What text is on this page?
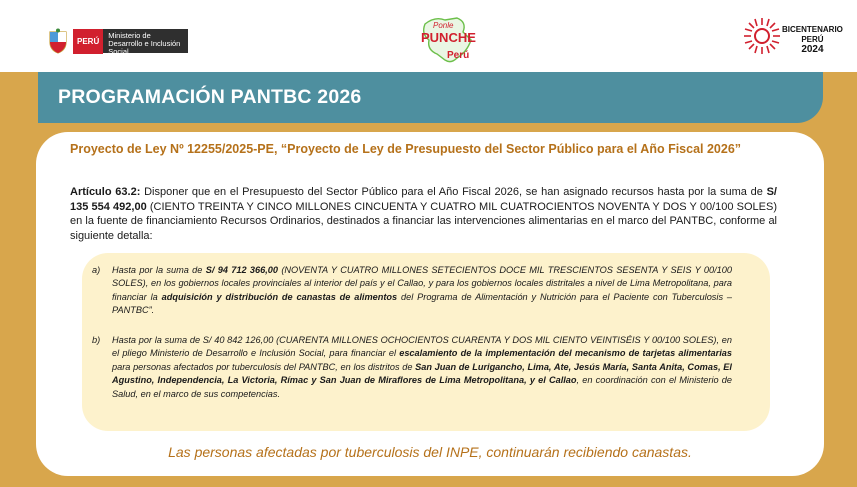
PERÚ
Ministerio de Desarrollo e Inclusión Social
Ponle
PUNCHE
Perú
BICENTENARIO
PERÚ
2024
PROGRAMACIÓN PANTBC 2026
Proyecto de Ley Nº 12255/2025-PE, “Proyecto de Ley de Presupuesto del Sector Público para el Año Fiscal 2026”
Artículo 63.2: Disponer que en el Presupuesto del Sector Público para el Año Fiscal 2026, se han asignado recursos hasta por la suma de S/ 135 554 492,00 (CIENTO TREINTA Y CINCO MILLONES CINCUENTA Y CUATRO MIL CUATROCIENTOS NOVENTA Y DOS Y 00/100 SOLES) en la fuente de financiamiento Recursos Ordinarios, destinados a financiar las intervenciones alimentarias en el marco del PANTBC, conforme al siguiente detalla:
a) Hasta por la suma de S/ 94 712 366,00 (NOVENTA Y CUATRO MILLONES SETECIENTOS DOCE MIL TRESCIENTOS SESENTA Y SEIS Y 00/100 SOLES), en los gobiernos locales provinciales al interior del país y el Callao, y para los gobiernos locales distritales a nivel de Lima Metropolitana, para financiar la adquisición y distribución de canastas de alimentos del Programa de Alimentación y Nutrición para el Paciente con Tuberculosis – PANTBC”.
b) Hasta por la suma de S/ 40 842 126,00 (CUARENTA MILLONES OCHOCIENTOS CUARENTA Y DOS MIL CIENTO VEINTISÉIS Y 00/100 SOLES), en el pliego Ministerio de Desarrollo e Inclusión Social, para financiar el escalamiento de la implementación del mecanismo de tarjetas alimentarias para personas afectados por tuberculosis del PANTBC, en los distritos de San Juan de Lurigancho, Lima, Ate, Jesús María, Santa Anita, Comas, El Agustino, Independencia, La Victoria, Rímac y San Juan de Miraflores de Lima Metropolitana, y el Callao, en coordinación con el Ministerio de Salud, en el marco de sus competencias.
Las personas afectadas por tuberculosis del INPE, continuarán recibiendo canastas.
